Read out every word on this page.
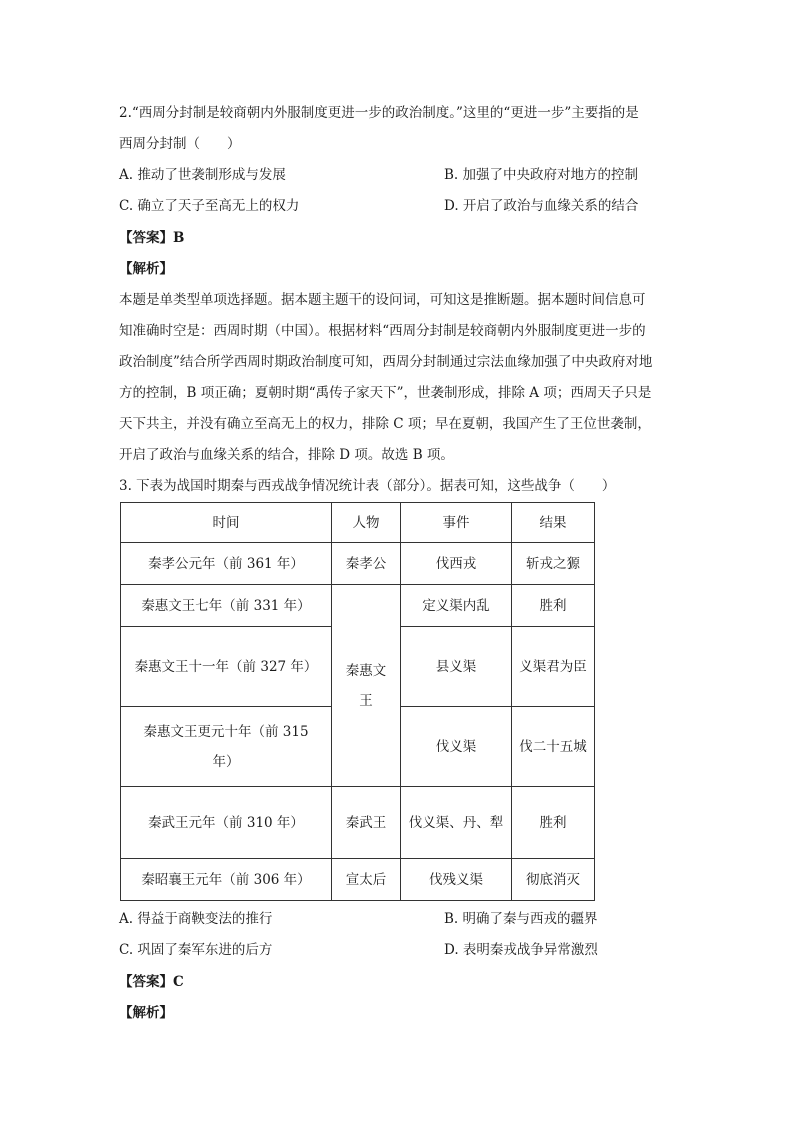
2.“西周分封制是较商朝内外服制度更进一步的政治制度。”这里的“更进一步”主要指的是
西周分封制（　　）
A. 推动了世袭制形成与发展	B. 加强了中央政府对地方的控制
C. 确立了天子至高无上的权力	D. 开启了政治与血缘关系的结合
【答案】B
【解析】
本题是单类型单项选择题。据本题主题干的设问词，可知这是推断题。据本题时间信息可
知准确时空是：西周时期（中国）。根据材料“西周分封制是较商朝内外服制度更进一步的
政治制度”结合所学西周时期政治制度可知，西周分封制通过宗法血缘加强了中央政府对地
方的控制，B 项正确；夏朝时期“禹传子家天下”，世袭制形成，排除 A 项；西周天子只是
天下共主，并没有确立至高无上的权力，排除 C 项；早在夏朝，我国产生了王位世袭制，
开启了政治与血缘关系的结合，排除 D 项。故选 B 项。
3. 下表为战国时期秦与西戎战争情况统计表（部分）。据表可知，这些战争（　　）
时间	人物	事件	结果
秦孝公元年（前 361 年）	秦孝公	伐西戎	斩戎之獂
秦惠文王七年（前 331 年）	秦惠文王	定义渠内乱	胜利
秦惠文王十一年（前 327 年）		县义渠	义渠君为臣
秦惠文王更元十年（前 315 年）		伐义渠	伐二十五城
秦武王元年（前 310 年）	秦武王	伐义渠、丹、犁	胜利
秦昭襄王元年（前 306 年）	宣太后	伐残义渠	彻底消灭
A. 得益于商鞅变法的推行	B. 明确了秦与西戎的疆界
C. 巩固了秦军东进的后方	D. 表明秦戎战争异常激烈
【答案】C
【解析】
